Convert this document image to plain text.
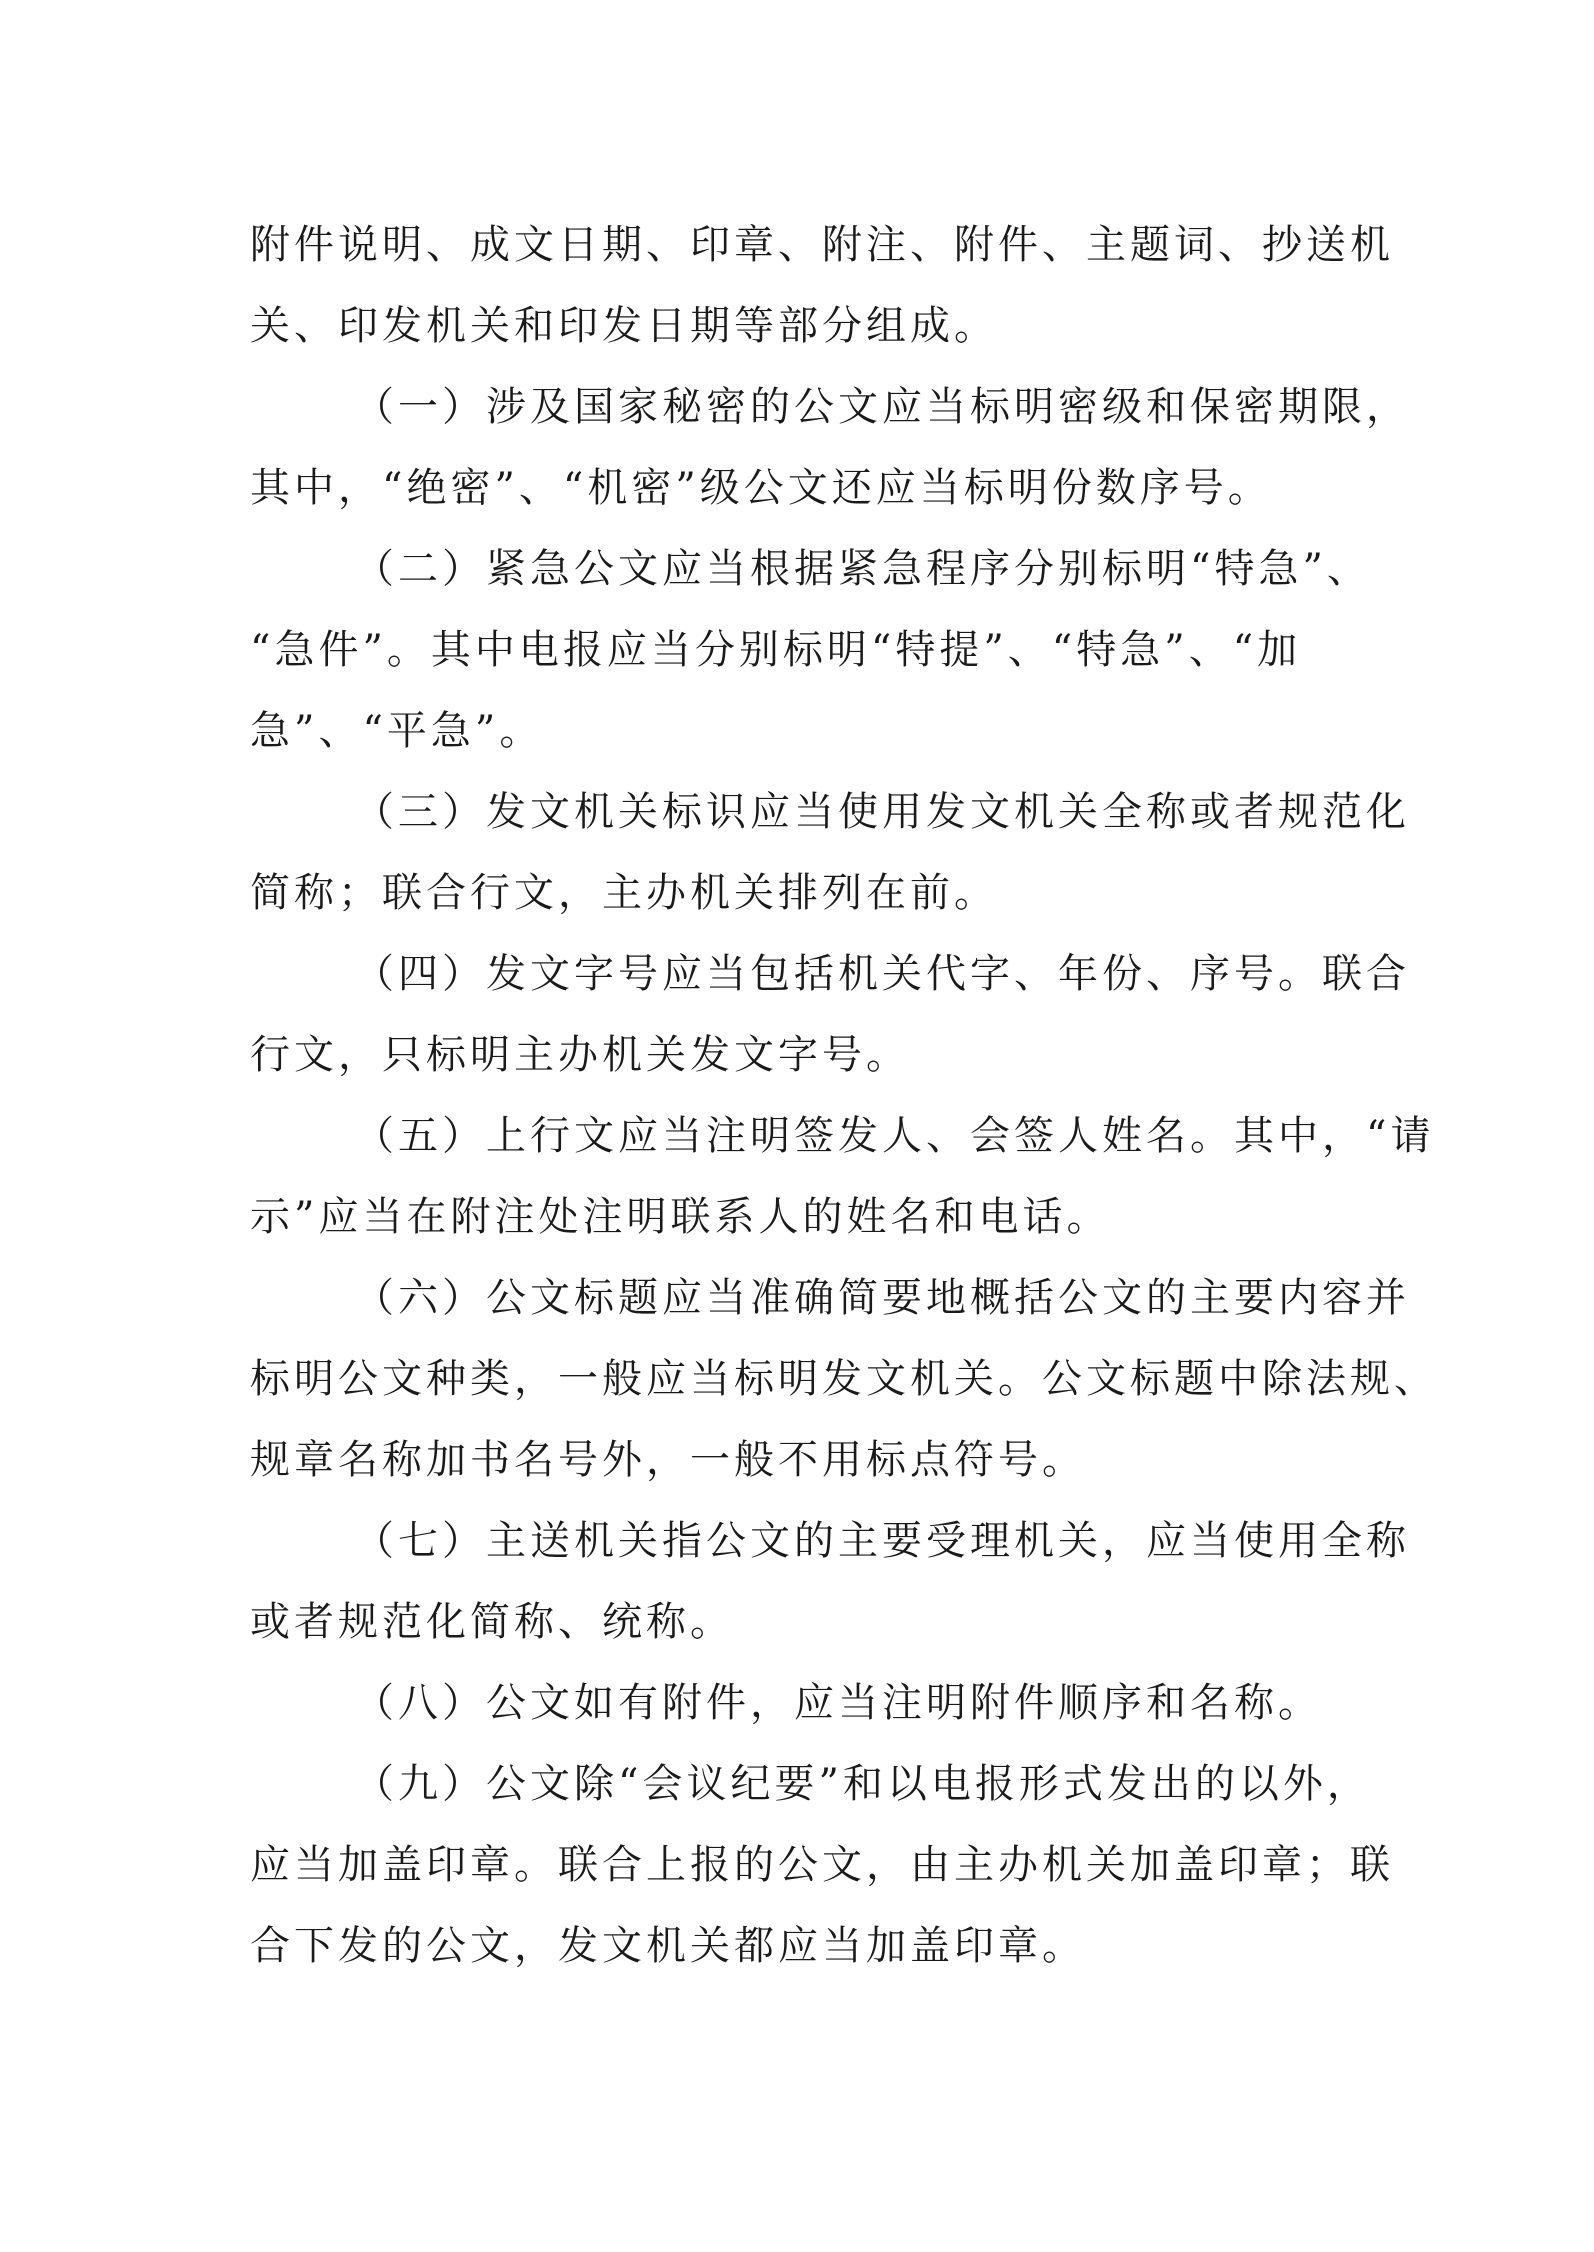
附件说明、成文日期、印章、附注、附件、主题词、抄送机
关、印发机关和印发日期等部分组成。

（一）涉及国家秘密的公文应当标明密级和保密期限，
其中，“绝密”、“机密”级公文还应当标明份数序号。

（二）紧急公文应当根据紧急程序分别标明“特急”、
“急件”。其中电报应当分别标明“特提”、“特急”、“加
急”、“平急”。

（三）发文机关标识应当使用发文机关全称或者规范化
简称；联合行文，主办机关排列在前。

（四）发文字号应当包括机关代字、年份、序号。联合
行文，只标明主办机关发文字号。

（五）上行文应当注明签发人、会签人姓名。其中，“请
示”应当在附注处注明联系人的姓名和电话。

（六）公文标题应当准确简要地概括公文的主要内容并
标明公文种类，一般应当标明发文机关。公文标题中除法规、
规章名称加书名号外，一般不用标点符号。

（七）主送机关指公文的主要受理机关，应当使用全称
或者规范化简称、统称。

（八）公文如有附件，应当注明附件顺序和名称。

（九）公文除“会议纪要”和以电报形式发出的以外，
应当加盖印章。联合上报的公文，由主办机关加盖印章；联
合下发的公文，发文机关都应当加盖印章。
